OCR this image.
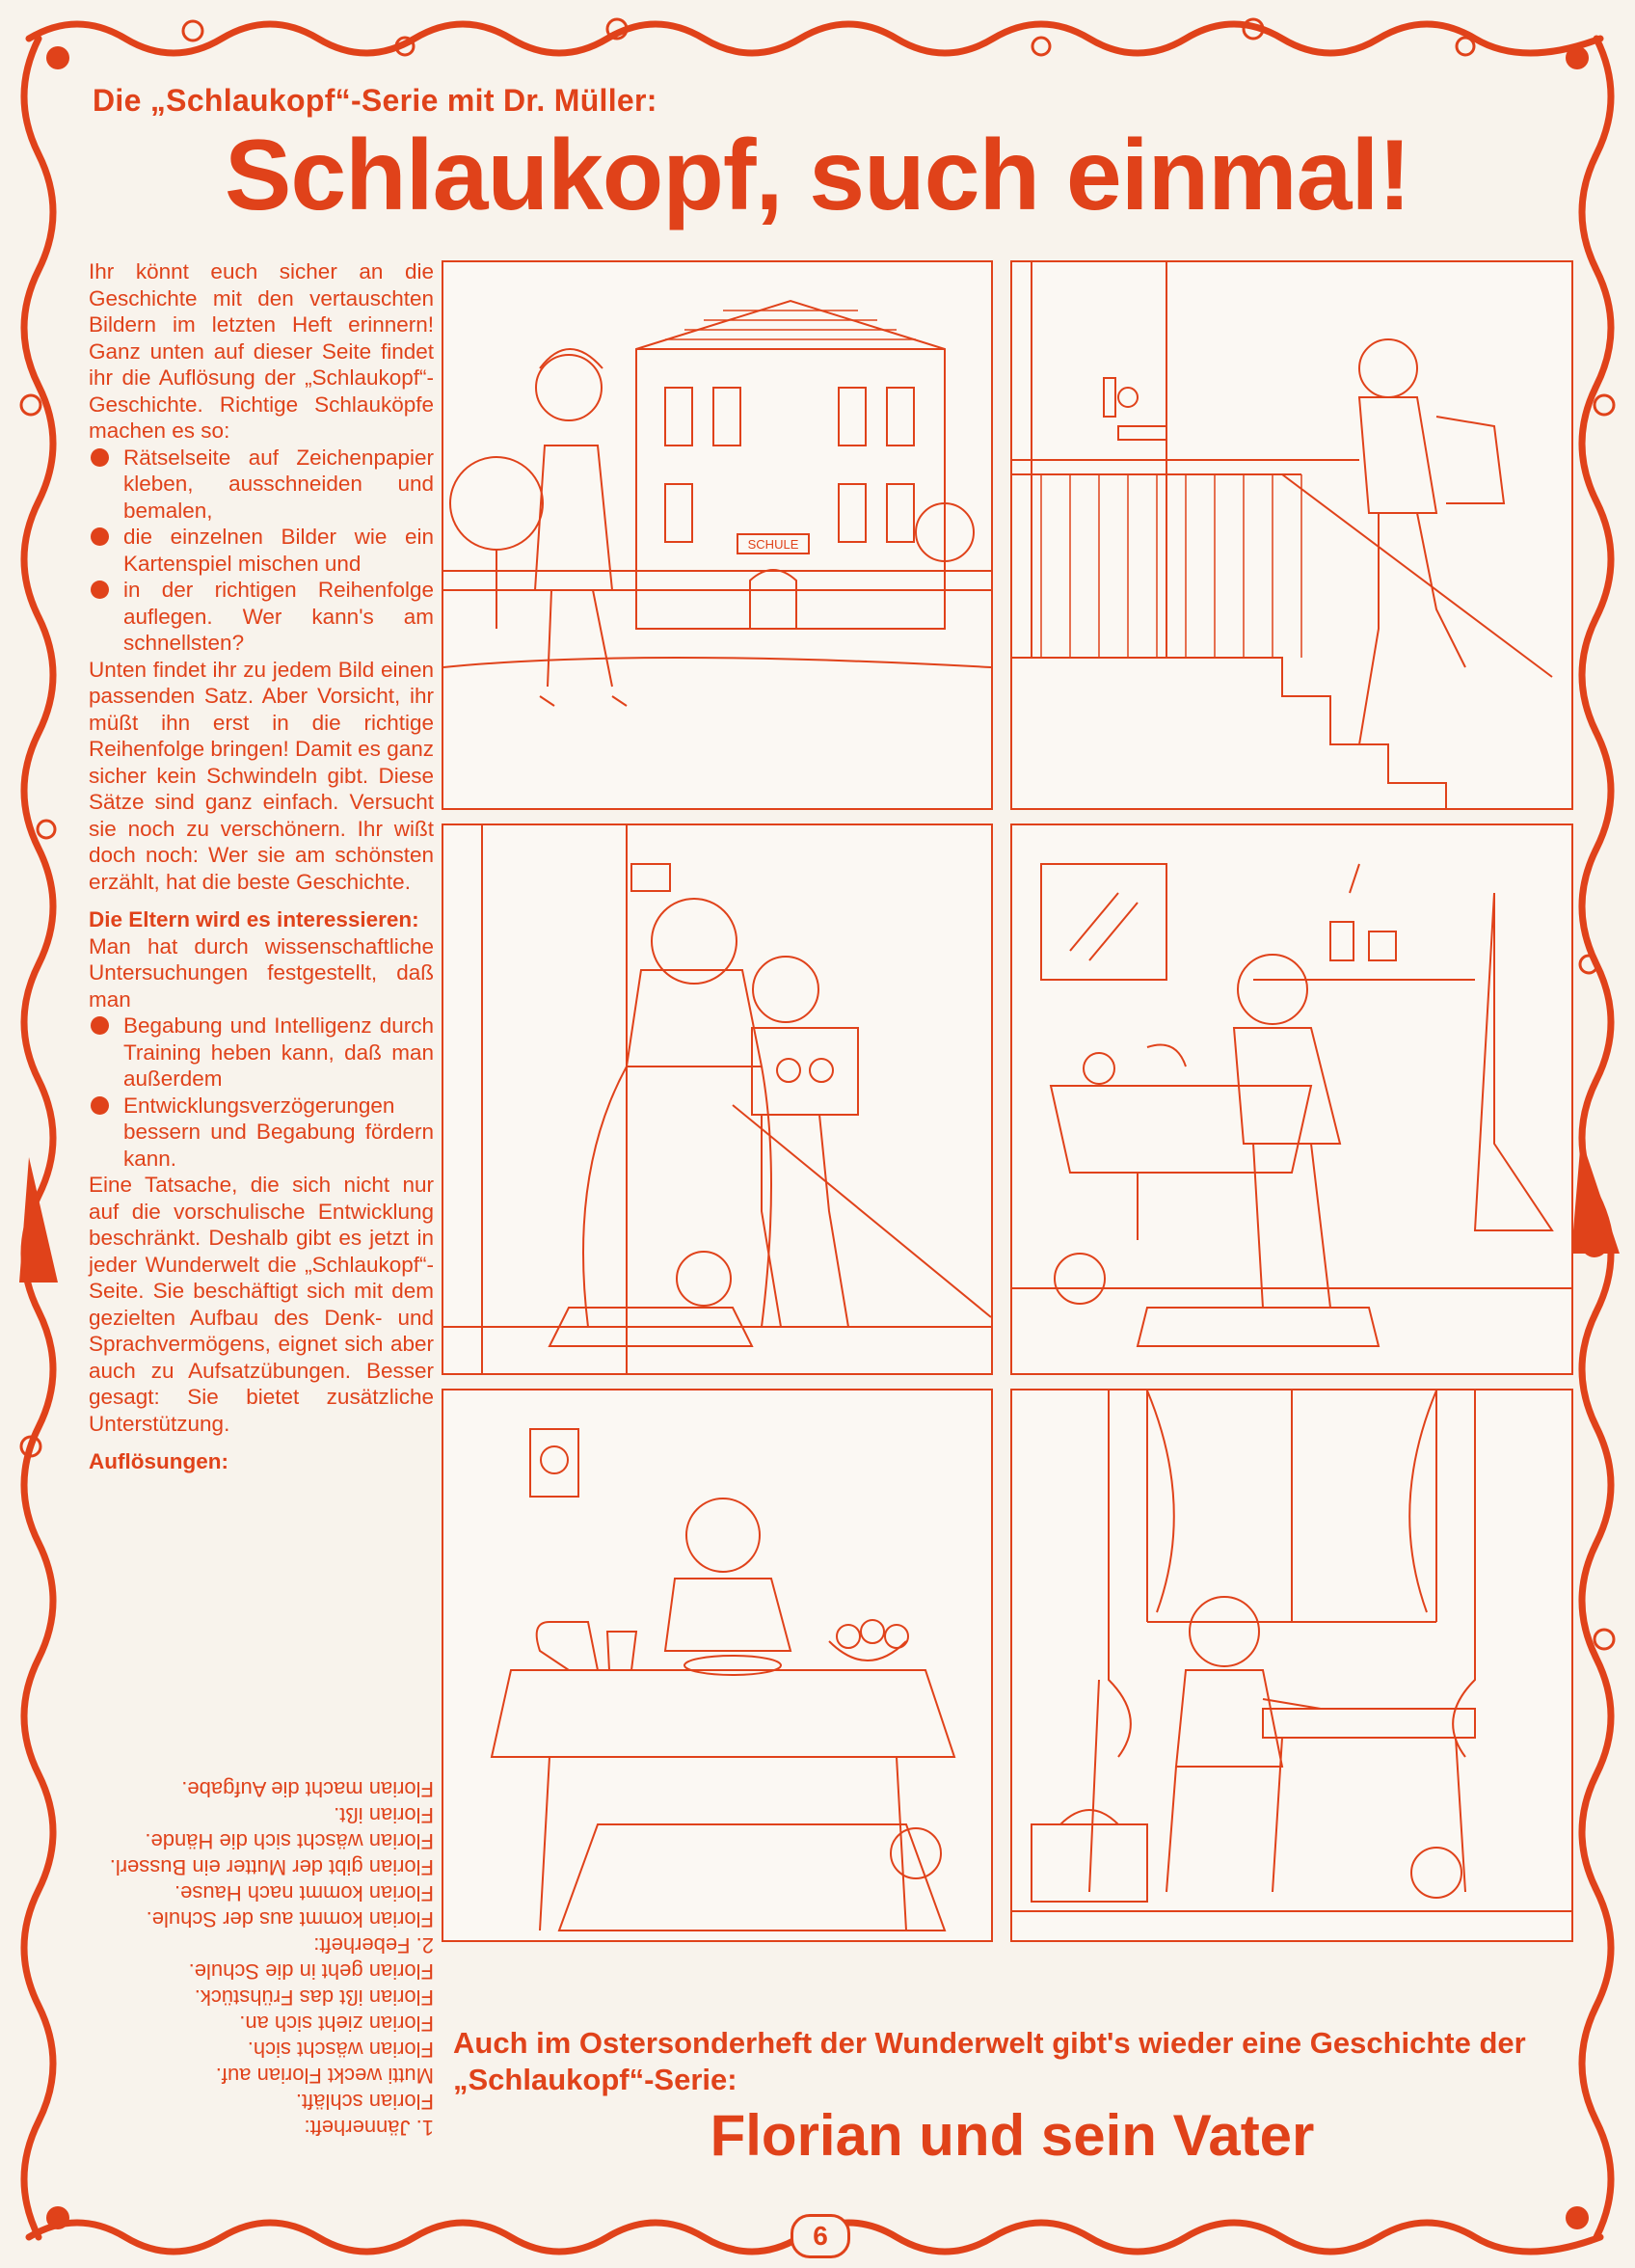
Die „Schlaukopf“-Serie mit Dr. Müller:
Schlaukopf, such einmal!

Ihr könnt euch sicher an die Geschichte mit den vertauschten Bildern im letzten Heft erinnern! Ganz unten auf dieser Seite findet ihr die Auflösung der „Schlaukopf“-Geschichte. Richtige Schlauköpfe machen es so:

Rätselseite auf Zeichenpapier kleben, ausschneiden und bemalen,
die einzelnen Bilder wie ein Kartenspiel mischen und
in der richtigen Reihenfolge auflegen. Wer kann's am schnellsten?

Unten findet ihr zu jedem Bild einen passenden Satz. Aber Vorsicht, ihr müßt ihn erst in die richtige Reihenfolge bringen! Damit es ganz sicher kein Schwindeln gibt. Diese Sätze sind ganz einfach. Versucht sie noch zu verschönern. Ihr wißt doch noch: Wer sie am schönsten erzählt, hat die beste Geschichte.

Die Eltern wird es interessieren:

Man hat durch wissenschaftliche Untersuchungen festgestellt, daß man

Begabung und Intelligenz durch Training heben kann, daß man außerdem
Entwicklungsverzögerungen bessern und Begabung fördern kann.

Eine Tatsache, die sich nicht nur auf die vorschulische Entwicklung beschränkt. Deshalb gibt es jetzt in jeder Wunderwelt die „Schlaukopf“-Seite. Sie beschäftigt sich mit dem gezielten Aufbau des Denk- und Sprachvermögens, eignet sich aber auch zu Aufsatzübungen. Besser gesagt: Sie bietet zusätzliche Unterstützung.

Auflösungen:

1. Jännerheft:
Florian schläft.
Mutti weckt Florian auf.
Florian wäscht sich.
Florian zieht sich an.
Florian ißt das Frühstück.
Florian geht in die Schule.
2. Feberheft:
Florian kommt aus der Schule.
Florian kommt nach Hause.
Florian gibt der Mutter ein Busserl.
Florian wäscht sich die Hände.
Florian ißt.
Florian macht die Aufgabe.
SCHULE
Auch im Ostersonderheft der Wunderwelt gibt's wieder eine Geschichte der „Schlaukopf“-Serie:
Florian und sein Vater
6
